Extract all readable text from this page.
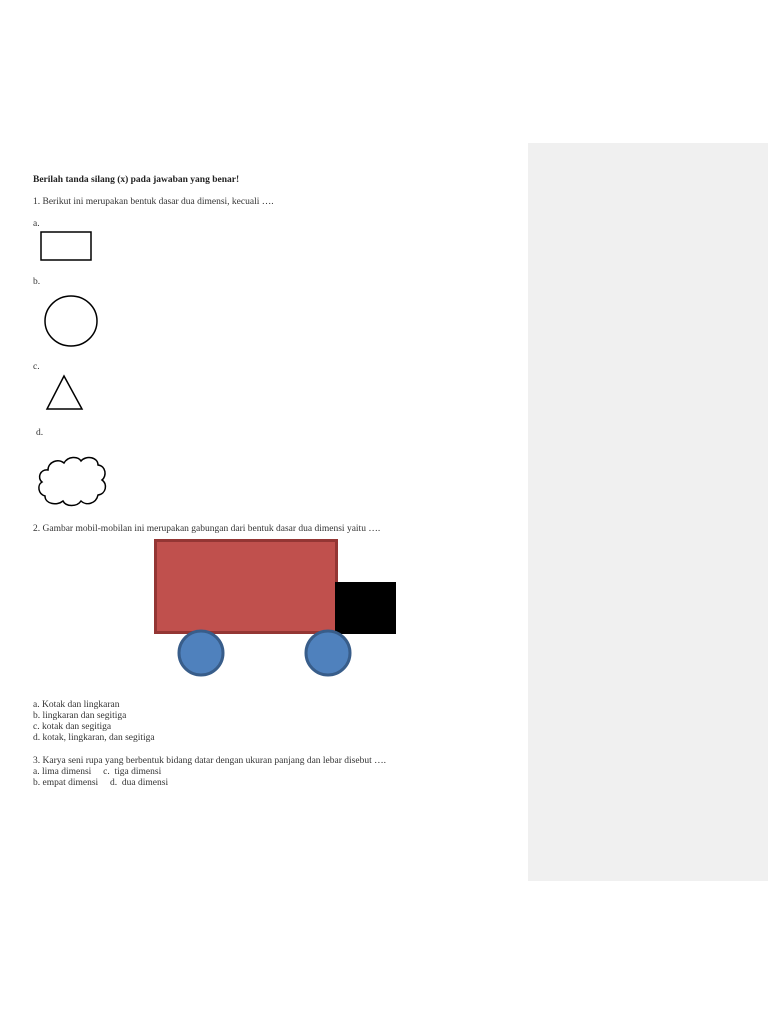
Berilah tanda silang (x) pada jawaban yang benar!
1. Berikut ini merupakan bentuk dasar dua dimensi, kecuali ….
a.
b.
c.
d.
2. Gambar mobil-mobilan ini merupakan gabungan dari bentuk dasar dua dimensi yaitu ….
a. Kotak dan lingkaran
b. lingkaran dan segitiga
c. kotak dan segitiga
d. kotak, lingkaran, dan segitiga
3. Karya seni rupa yang berbentuk bidang datar dengan ukuran panjang dan lebar disebut ….
a. lima dimensi     c.  tiga dimensi
b. empat dimensi     d.  dua dimensi
